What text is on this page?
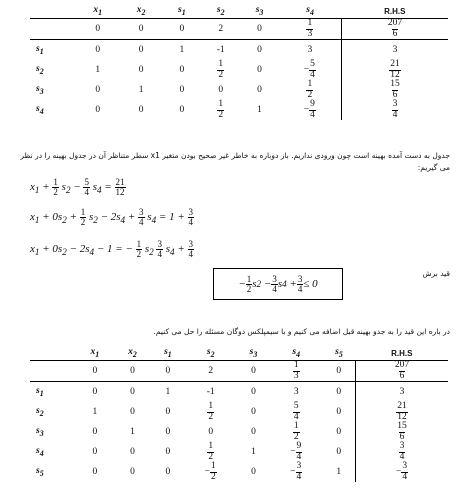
	$x_1$	$x_2$	$s_1$	$s_2$	$s_3$	$s_4$	R.H.S
	0	0	0	2	0	$\frac{1}{3}$	$\frac{207}{6}$

$s_1$	0	0	1	-1	0	3	3
$s_2$	1	0	0	$\frac{1}{2}$	0	− $\frac{5}{4}$	$\frac{21}{12}$

$s_3$	0	1	0	0	0	$\frac{1}{2}$	$\frac{15}{6}$

$s_4$	0	0	0	$\frac{1}{2}$	1	− $\frac{9}{4}$	$\frac{3}{4}$
جدول به دست آمده بهینه است چون ورودی نداریم. باز دوباره به خاطر غیر صحیح بودن متغیر x1 سطر متناظر آن در جدول بهینه را در نظر می گیریم:
$x_1 + \frac{1}{2} s_2 - \frac{5}{4} s_4 = \frac{21}{12}$
$x_1 + 0s_2 + \frac{1}{2} s_2 - 2s_4 + \frac{3}{4} s_4 = 1 + \frac{3}{4}$
$x_1 + 0s_2 - 2s_4 - 1$ = − $\frac{1}{2} s_2 \frac{3}{4} s_4 + \frac{3}{4}$
قید برش
− 1
2 s 2 − 3
4 s 4 + 3
4 ≤ 0
در باره این قید را به جدو بهینه قبل اضافه می کنیم و با سیمپلکس دوگان مسئله را حل می کنیم.
	$x_1$	$x_2$	$s_1$	$s_2$	$s_3$	$s_4$	$s_5$	R.H.S
	0	0	0	2	0	$\frac{1}{3}$	0	$\frac{207}{6}$

$s_1$	0	0	1	-1	0	3	0	3
$s_2$	1	0	0	$\frac{1}{2}$	0	$\frac{5}{4}$	0	$\frac{21}{12}$

$s_3$	0	1	0	0	0	$\frac{1}{2}$	0	$\frac{15}{6}$

$s_4$	0	0	0	$\frac{1}{2}$	1	− $\frac{9}{4}$	0	$\frac{3}{4}$

$s_5$	0	0	0	− $\frac{1}{2}$	0	− $\frac{3}{4}$	1	− $\frac{3}{4}$
